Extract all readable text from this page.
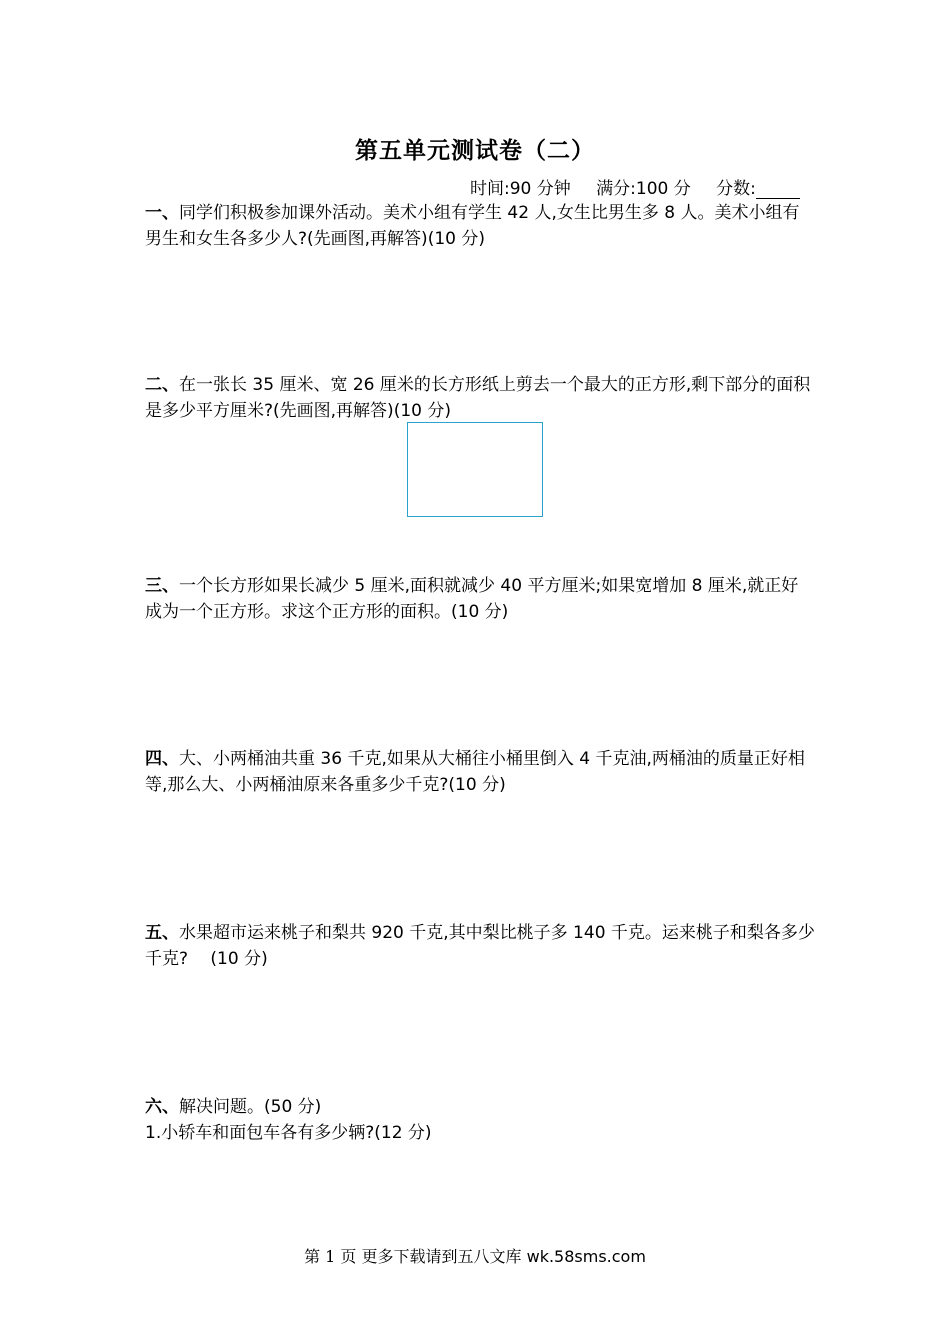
第五单元测试卷（二）
时间:90 分钟 满分:100 分 分数:
一、同学们积极参加课外活动。美术小组有学生 42 人,女生比男生多 8 人。美术小组有男生和女生各多少人?(先画图,再解答)(10 分)
二、在一张长 35 厘米、宽 26 厘米的长方形纸上剪去一个最大的正方形,剩下部分的面积是多少平方厘米?(先画图,再解答)(10 分)
三、一个长方形如果长减少 5 厘米,面积就减少 40 平方厘米;如果宽增加 8 厘米,就正好成为一个正方形。求这个正方形的面积。(10 分)
四、大、小两桶油共重 36 千克,如果从大桶往小桶里倒入 4 千克油,两桶油的质量正好相等,那么大、小两桶油原来各重多少千克?(10 分)
五、水果超市运来桃子和梨共 920 千克,其中梨比桃子多 140 千克。运来桃子和梨各多少千克?　 (10 分)
六、解决问题。(50 分)
1.小轿车和面包车各有多少辆?(12 分)
第 1 页 更多下载请到五八文库 wk.58sms.com
